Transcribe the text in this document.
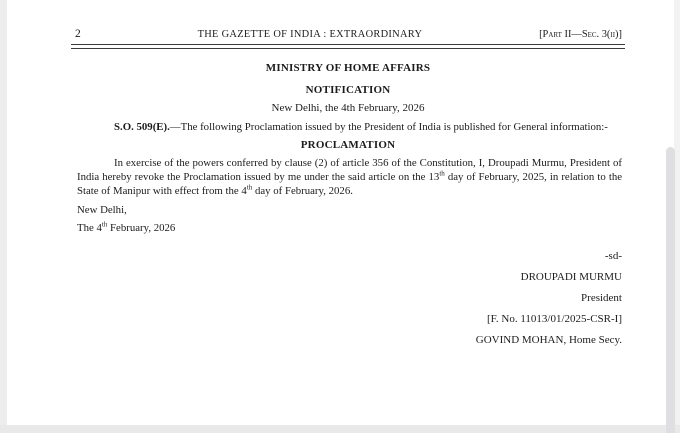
2	THE GAZETTE OF INDIA : EXTRAORDINARY	[Part II—Sec. 3(ii)]
MINISTRY OF HOME AFFAIRS
NOTIFICATION
New Delhi, the 4th February, 2026
S.O. 509(E).—The following Proclamation issued by the President of India is published for General information:-
PROCLAMATION
In exercise of the powers conferred by clause (2) of article 356 of the Constitution, I, Droupadi Murmu, President of India hereby revoke the Proclamation issued by me under the said article on the 13th day of February, 2025, in relation to the State of Manipur with effect from the 4th day of February, 2026.
New Delhi,
The 4th February, 2026
-sd-
DROUPADI MURMU
President
[F. No. 11013/01/2025-CSR-I]
GOVIND MOHAN, Home Secy.
